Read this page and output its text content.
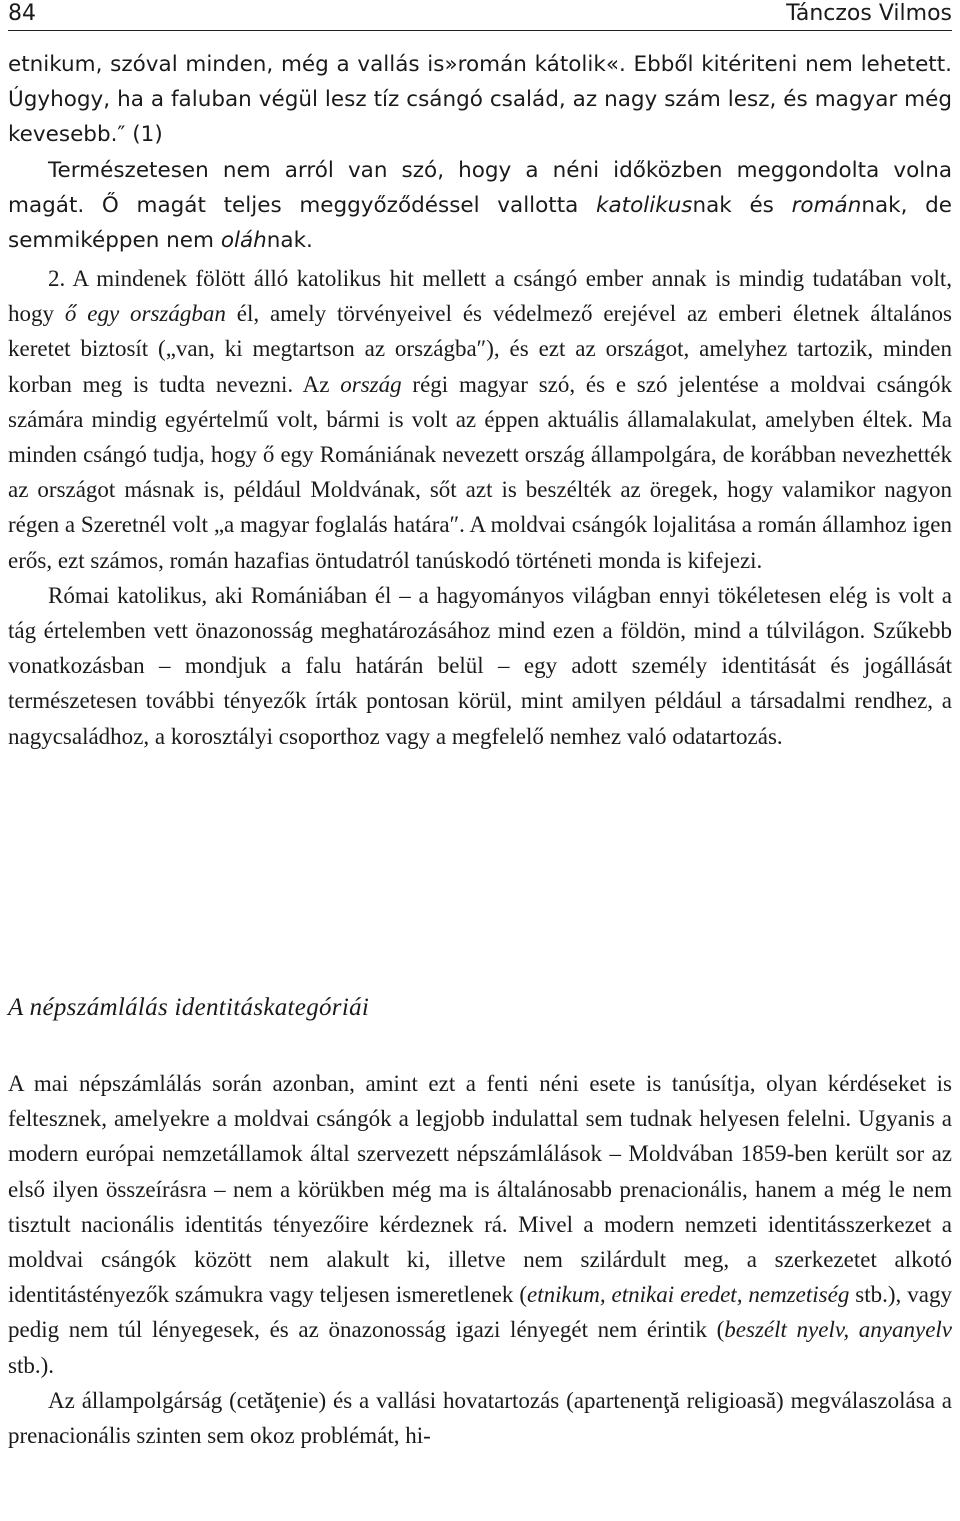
84	Tánczos Vilmos

etnikum, szóval minden, még a vallás is»román kátolik«. Ebből kitériteni nem lehetett. Úgyhogy, ha a faluban végül lesz tíz csángó család, az nagy szám lesz, és magyar még kevesebb.″ (1)

Természetesen nem arról van szó, hogy a néni időközben meggondolta volna magát. Ő magát teljes meggyőződéssel vallotta katolikusnak és románnak, de semmiképpen nem oláhnak.

2. A mindenek fölött álló katolikus hit mellett a csángó ember annak is mindig tudatában volt, hogy ő egy országban él, amely törvényeivel és védelmező erejével az emberi életnek általános keretet biztosít („van, ki megtartson az országba″), és ezt az országot, amelyhez tartozik, minden korban meg is tudta nevezni. Az ország régi magyar szó, és e szó jelentése a moldvai csángók számára mindig egyértelmű volt, bármi is volt az éppen aktuális államalakulat, amelyben éltek. Ma minden csángó tudja, hogy ő egy Romániának nevezett ország állampolgára, de korábban nevezhették az országot másnak is, például Moldvának, sőt azt is beszélték az öregek, hogy valamikor nagyon régen a Szeretnél volt „a magyar foglalás határa″. A moldvai csángók lojalitása a román államhoz igen erős, ezt számos, román hazafias öntudatról tanúskodó történeti monda is kifejezi.

Római katolikus, aki Romániában él – a hagyományos világban ennyi tökéletesen elég is volt a tág értelemben vett önazonosság meghatározásához mind ezen a földön, mind a túlvilágon. Szűkebb vonatkozásban – mondjuk a falu határán belül – egy adott személy identitását és jogállását természetesen további tényezők írták pontosan körül, mint amilyen például a társadalmi rendhez, a nagycsaládhoz, a korosztályi csoporthoz vagy a megfelelő nemhez való odatartozás.

A népszámlálás identitáskategóriái

A mai népszámlálás során azonban, amint ezt a fenti néni esete is tanúsítja, olyan kérdéseket is feltesznek, amelyekre a moldvai csángók a legjobb indulattal sem tudnak helyesen felelni. Ugyanis a modern európai nemzetállamok által szervezett népszámlálások – Moldvában 1859-ben került sor az első ilyen összeírásra – nem a körükben még ma is általánosabb prenacionális, hanem a még le nem tisztult nacionális identitás tényezőire kérdeznek rá. Mivel a modern nemzeti identitásszerkezet a moldvai csángók között nem alakult ki, illetve nem szilárdult meg, a szerkezetet alkotó identitástényezők számukra vagy teljesen ismeretlenek (etnikum, etnikai eredet, nemzetiség stb.), vagy pedig nem túl lényegesek, és az önazonosság igazi lényegét nem érintik (beszélt nyelv, anyanyelv stb.).

Az állampolgárság (cetăţenie) és a vallási hovatartozás (apartenenţă religioasă) megválaszolása a prenacionális szinten sem okoz problémát, hi-
